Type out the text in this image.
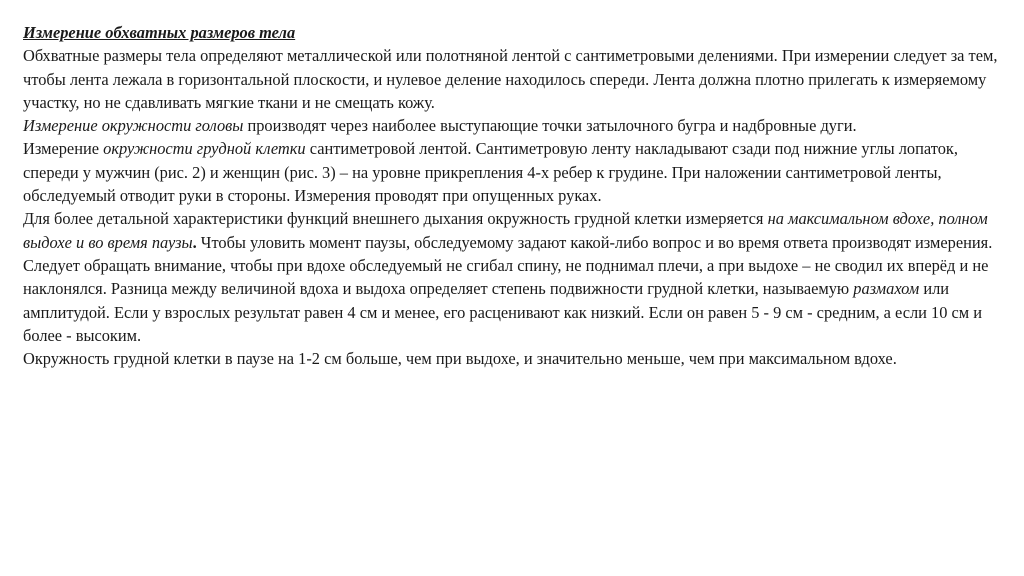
Измерение обхватных размеров тела

Обхватные размеры тела определяют металлической или полотняной лентой с сантиметровыми делениями. При измерении следует за тем, чтобы лента лежала в горизонтальной плоскости, и нулевое деление находилось спереди. Лента должна плотно прилегать к измеряемому участку, но не сдавливать мягкие ткани и не смещать кожу.

Измерение окружности головы производят через наиболее выступающие точки затылочного бугра и надбровные дуги.

Измерение окружности грудной клетки сантиметровой лентой. Сантиметровую ленту накладывают сзади под нижние углы лопаток, спереди у мужчин (рис. 2) и женщин (рис. 3) – на уровне прикрепления 4-х ребер к грудине. При наложении сантиметровой ленты, обследуемый отводит руки в стороны. Измерения проводят при опущенных руках.

Для более детальной характеристики функций внешнего дыхания окружность грудной клетки измеряется на максимальном вдохе, полном выдохе и во время паузы. Чтобы уловить момент паузы, обследуемому задают какой-либо вопрос и во время ответа производят измерения. Следует обращать внимание, чтобы при вдохе обследуемый не сгибал спину, не поднимал плечи, а при выдохе – не сводил их вперёд и не наклонялся. Разница между величиной вдоха и выдоха определяет степень подвижности грудной клетки, называемую размахом или амплитудой. Если у взрослых результат равен 4 см и менее, его расценивают как низкий. Если он равен 5 - 9 см - средним, а если 10 см и более - высоким.

Окружность грудной клетки в паузе на 1-2 см больше, чем при выдохе, и значительно меньше, чем при максимальном вдохе.
